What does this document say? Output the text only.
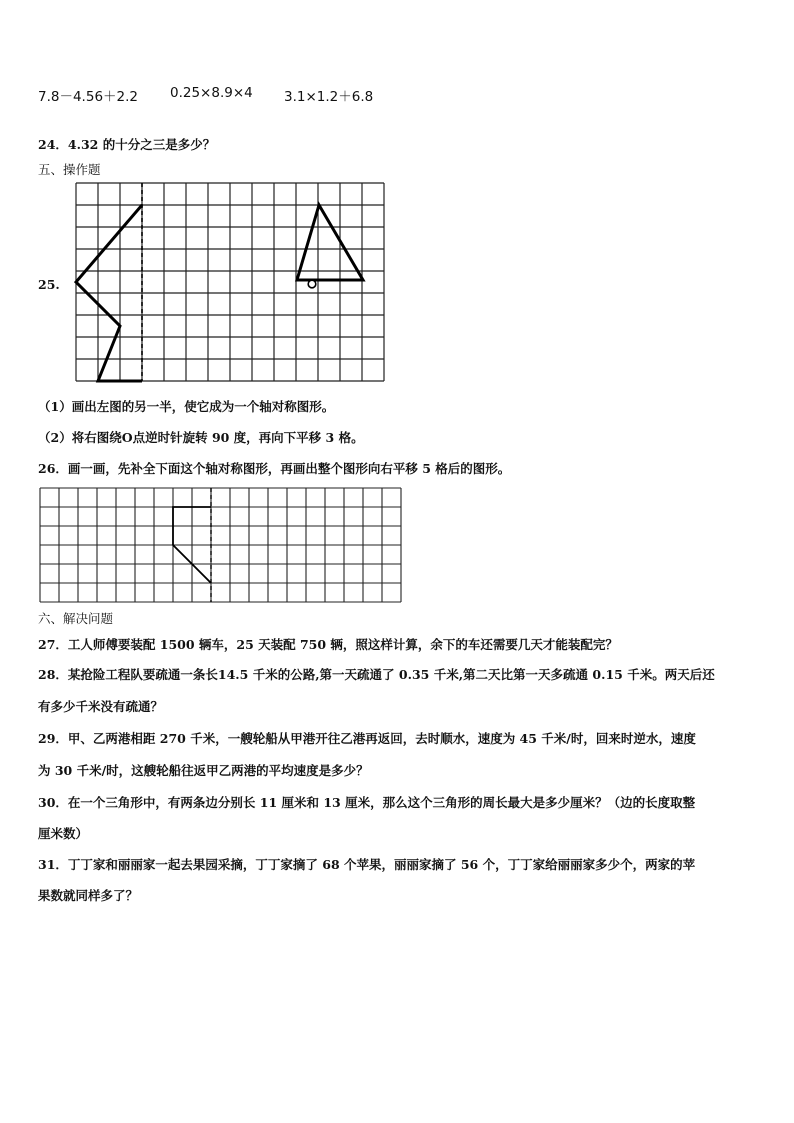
7.8－4.56＋2.2 0.25×8.9×4 3.1×1.2＋6.8
24．4.32 的十分之三是多少？
五、操作题
25.
（1）画出左图的另一半，使它成为一个轴对称图形。
（2）将右图绕O点逆时针旋转 90 度，再向下平移 3 格。
26．画一画，先补全下面这个轴对称图形，再画出整个图形向右平移 5 格后的图形。
六、解决问题
27．工人师傅要装配 1500 辆车，25 天装配 750 辆，照这样计算，余下的车还需要几天才能装配完？
28．某抢险工程队要疏通一条长14.5 千米的公路,第一天疏通了 0.35 千米,第二天比第一天多疏通 0.15 千米。两天后还
有多少千米没有疏通？
29．甲、乙两港相距 270 千米，一艘轮船从甲港开往乙港再返回，去时顺水，速度为 45 千米/时，回来时逆水，速度
为 30 千米/时，这艘轮船往返甲乙两港的平均速度是多少？
30．在一个三角形中，有两条边分别长 11 厘米和 13 厘米，那么这个三角形的周长最大是多少厘米？（边的长度取整
厘米数）
31．丁丁家和丽丽家一起去果园采摘，丁丁家摘了 68 个苹果，丽丽家摘了 56 个，丁丁家给丽丽家多少个，两家的苹
果数就同样多了？
